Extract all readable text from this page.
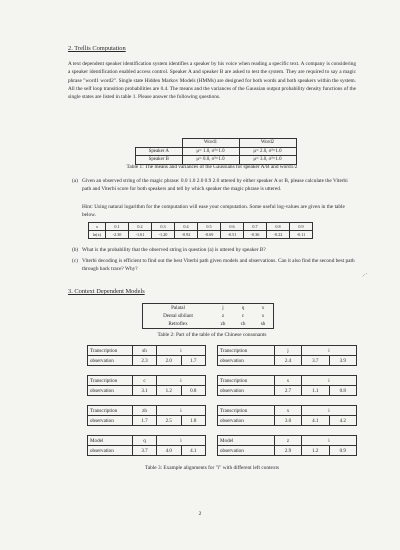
2. Trellis Computation
A text dependent speaker identification system identifies a speaker by his voice when reading a specific text. A company is considering a speaker identification enabled access control. Speaker A and speaker B are asked to test the system. They are required to say a magic phrase "word1 word2". Single state Hidden Markov Models (HMMs) are designed for both words and both speakers within the system. All the self loop transition probabilities are 0.4. The means and the variances of the Gaussian output probability density functions of the single states are listed in table 1. Please answer the following questions.
	Word1	Word2
Speaker A	μ= 1.0, σ²=1.0	μ= 2.0, σ²=1.0
Speaker B	μ= 0.0, σ²=1.0	μ= 3.0, σ²=1.0
Table 1: The means and variances of the Gaussians for speaker A/B and word1/2
(a) Given an observed string of the magic phrase: 0.0 1.0 2.0 0.9 2.0 uttered by either speaker A or B, please calculate the Viterbi path and Viterbi score for both speakers and tell by which speaker the magic phrase is uttered.
Hint: Using natural logarithm for the computation will ease your computation. Some useful log-values are given in the table below.
x	0.1	0.2	0.3	0.4	0.5	0.6	0.7	0.8	0.9
ln(x)	-2.30	-1.61	-1.20	-0.92	-0.69	-0.51	-0.36	-0.22	-0.11
(b) What is the probability that the observed string in question (a) is uttered by speaker B?
(c) Viterbi decoding is efficient to find out the best Viterbi path given models and observations. Can it also find the second best path through back trace? Why?
⸝·
3. Context Dependent Models
Palatal	j	q	x
Dental sibilant	z	c	s
Retroflex	zh	ch	sh
Table 2: Part of the table of the Chinese consonants
Transcription	sh	i	
observation	2.3	2.0	1.7
Transcription	j	i	
observation	2.4	3.7	3.9
Transcription	c	i	
observation	3.1	1.2	0.8
Transcription	s	i	
observation	2.7	1.1	0.8
Transcription	zh	i	
observation	1.7	2.5	1.8
Transcription	x	i	
observation	3.0	4.1	4.2
Model	q	i	
observation	3.7	4.0	4.1
Model	z	i	
observation	2.9	1.2	0.9
Table 3: Example alignments for "i" with different left contexts
2
